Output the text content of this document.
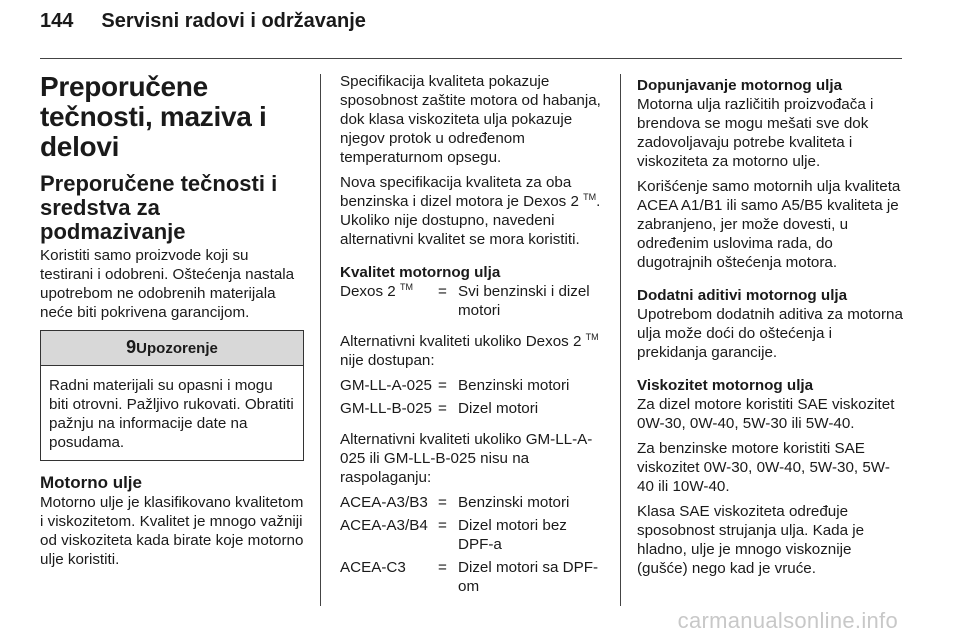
144 Servisni radovi i održavanje
Preporučene tečnosti, maziva i delovi
Preporučene tečnosti i sredstva za podmazivanje

Koristiti samo proizvode koji su testirani i odobreni. Oštećenja nastala upotrebom ne odobrenih materijala neće biti pokrivena garancijom.

9Upozorenje
Radni materijali su opasni i mogu biti otrovni. Pažljivo rukovati. Obratiti pažnju na informacije date na posudama.
Motorno ulje

Motorno ulje je klasifikovano kvalitetom i viskozitetom. Kvalitet je mnogo važniji od viskoziteta kada birate koje motorno ulje koristiti.

Specifikacija kvaliteta pokazuje sposobnost zaštite motora od habanja, dok klasa viskoziteta ulja pokazuje njegov protok u određenom temperaturnom opsegu.

Nova specifikacija kvaliteta za oba benzinska i dizel motora je Dexos 2 ™. Ukoliko nije dostupno, navedeni alternativni kvalitet se mora koristiti.

Kvalitet motornog ulja
Dexos 2 ™	= Svi benzinski i dizel motori

Alternativni kvaliteti ukoliko Dexos 2 ™ nije dostupan:

GM-LL-A-025 = Benzinski motori
GM-LL-B-025 = Dizel motori

Alternativni kvaliteti ukoliko GM-LL-A-025 ili GM-LL-B-025 nisu na raspolaganju:

ACEA-A3/B3 = Benzinski motori
ACEA-A3/B4 = Dizel motori bez DPF-a
ACEA-C3	= Dizel motori sa DPF-om
Dopunjavanje motornog ulja

Motorna ulja različitih proizvođača i brendova se mogu mešati sve dok zadovoljavaju potrebe kvaliteta i viskoziteta za motorno ulje.

Korišćenje samo motornih ulja kvaliteta ACEA A1/B1 ili samo A5/B5 kvaliteta je zabranjeno, jer može dovesti, u određenim uslovima rada, do dugotrajnih oštećenja motora.

Dodatni aditivi motornog ulja

Upotrebom dodatnih aditiva za motorna ulja može doći do oštećenja i prekidanja garancije.

Viskozitet motornog ulja

Za dizel motore koristiti SAE viskozitet 0W-30, 0W-40, 5W-30 ili 5W-40.

Za benzinske motore koristiti SAE viskozitet 0W-30, 0W-40, 5W-30, 5W-40 ili 10W-40.

Klasa SAE viskoziteta određuje sposobnost strujanja ulja. Kada je hladno, ulje je mnogo viskoznije (gušće) nego kad je vruće.

carmanualsonline.info
